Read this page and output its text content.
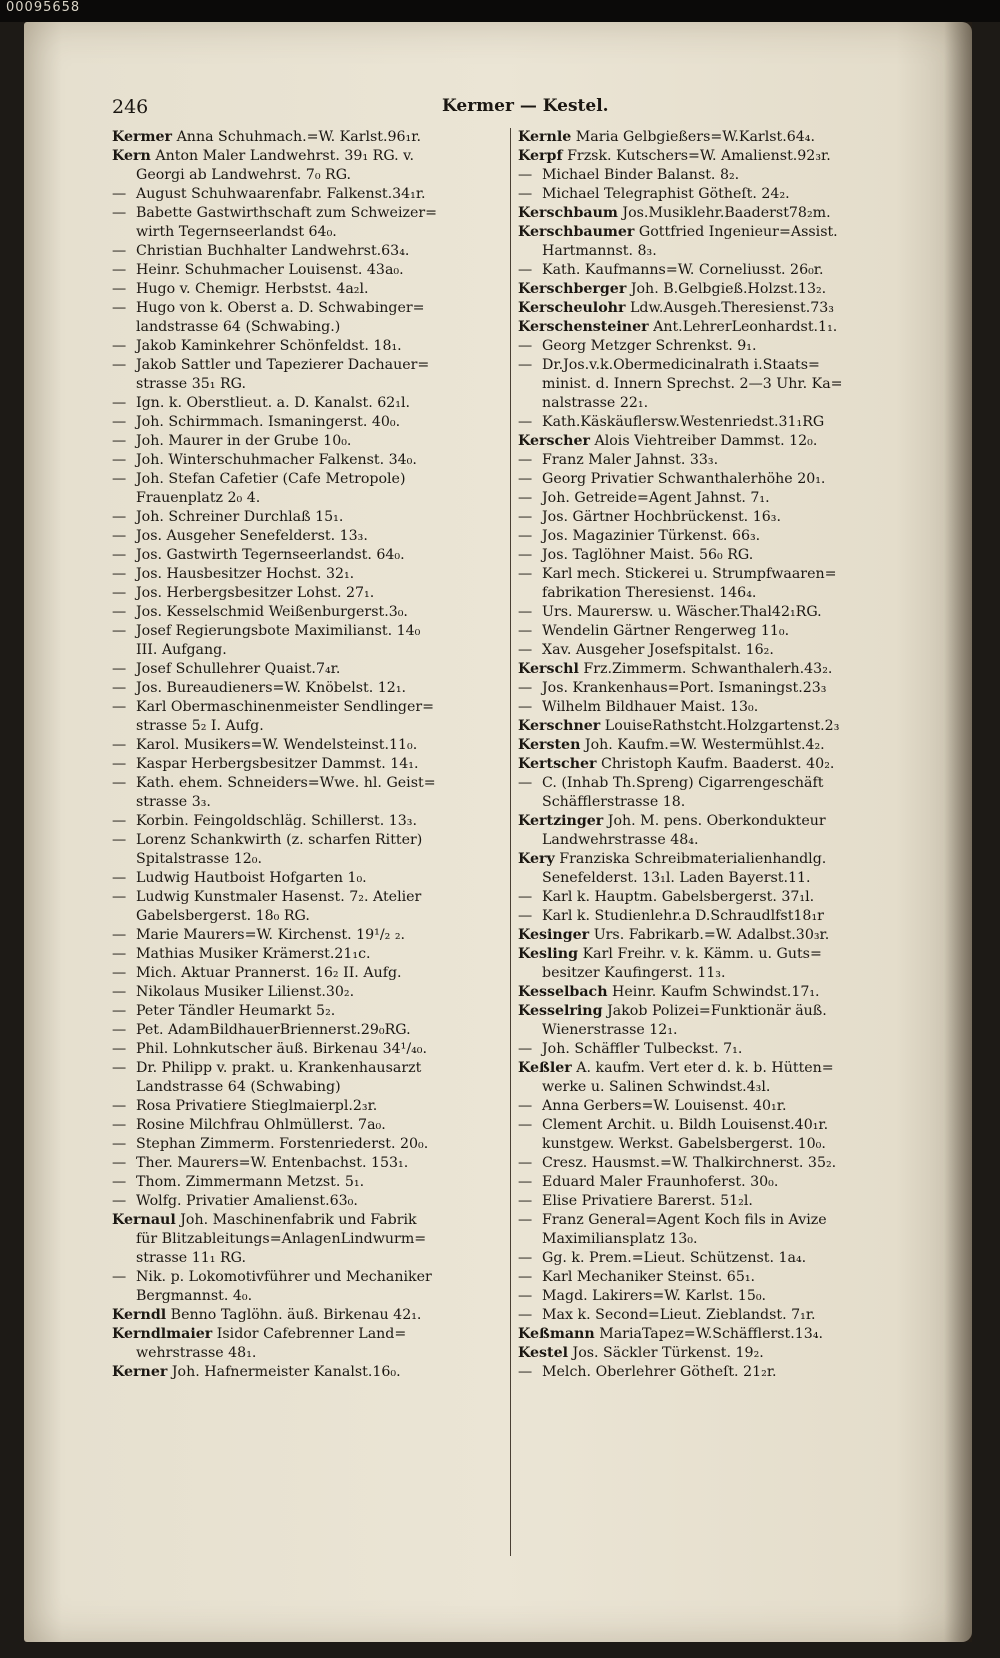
00095658
246	Kermer — Kestel.
Kermer Anna Schuhmach.=W. Karlst.96₁r.
Kern Anton Maler Landwehrst. 39₁ RG. v.
Georgi ab Landwehrst. 7₀ RG.
— August Schuhwaarenfabr. Falkenst.34₁r.
— Babette Gastwirthschaft zum Schweizer=
wirth Tegernseerlandst 64₀.
— Christian Buchhalter Landwehrst.63₄.
— Heinr. Schuhmacher Louisenst. 43a₀.
— Hugo v. Chemigr. Herbstst. 4a₂l.
— Hugo von k. Oberst a. D. Schwabinger=
landstrasse 64 (Schwabing.)
— Jakob Kaminkehrer Schönfeldst. 18₁.
— Jakob Sattler und Tapezierer Dachauer=
strasse 35₁ RG.
— Ign. k. Oberstlieut. a. D. Kanalst. 62₁l.
— Joh. Schirmmach. Ismaningerst. 40₀.
— Joh. Maurer in der Grube 10₀.
— Joh. Winterschuhmacher Falkenst. 34₀.
— Joh. Stefan Cafetier (Cafe Metropole)
Frauenplatz 2₀ 4.
— Joh. Schreiner Durchlaß 15₁.
— Jos. Ausgeher Senefelderst. 13₃.
— Jos. Gastwirth Tegernseerlandst. 64₀.
— Jos. Hausbesitzer Hochst. 32₁.
— Jos. Herbergsbesitzer Lohst. 27₁.
— Jos. Kesselschmid Weißenburgerst.3₀.
— Josef Regierungsbote Maximilianst. 14₀
III. Aufgang.
— Josef Schullehrer Quaist.7₄r.
— Jos. Bureaudieners=W. Knöbelst. 12₁.
— Karl Obermaschinenmeister Sendlinger=
strasse 5₂ I. Aufg.
— Karol. Musikers=W. Wendelsteinst.11₀.
— Kaspar Herbergsbesitzer Dammst. 14₁.
— Kath. ehem. Schneiders=Wwe. hl. Geist=
strasse 3₃.
— Korbin. Feingoldschläg. Schillerst. 13₃.
— Lorenz Schankwirth (z. scharfen Ritter)
Spitalstrasse 12₀.
— Ludwig Hautboist Hofgarten 1₀.
— Ludwig Kunstmaler Hasenst. 7₂. Atelier
Gabelsbergerst. 18₀ RG.
— Marie Maurers=W. Kirchenst. 19¹/₂ ₂.
— Mathias Musiker Krämerst.21₁c.
— Mich. Aktuar Prannerst. 16₂ II. Aufg.
— Nikolaus Musiker Lilienst.30₂.
— Peter Tändler Heumarkt 5₂.
— Pet. AdamBildhauerBriennerst.29₀RG.
— Phil. Lohnkutscher äuß. Birkenau 34¹/₄₀.
— Dr. Philipp v. prakt. u. Krankenhausarzt
Landstrasse 64 (Schwabing)
— Rosa Privatiere Stieglmaierpl.2₃r.
— Rosine Milchfrau Ohlmüllerst. 7a₀.
— Stephan Zimmerm. Forstenriederst. 20₀.
— Ther. Maurers=W. Entenbachst. 153₁.
— Thom. Zimmermann Metzst. 5₁.
— Wolfg. Privatier Amalienst.63₀.
Kernaul Joh. Maschinenfabrik und Fabrik
für Blitzableitungs=AnlagenLindwurm=
strasse 11₁ RG.
— Nik. p. Lokomotivführer und Mechaniker
Bergmannst. 4₀.
Kerndl Benno Taglöhn. äuß. Birkenau 42₁.
Kerndlmaier Isidor Cafebrenner Land=
wehrstrasse 48₁.
Kerner Joh. Hafnermeister Kanalst.16₀.
Kernle Maria Gelbgießers=W.Karlst.64₄.
Kerpf Frzsk. Kutschers=W. Amalienst.92₃r.
— Michael Binder Balanst. 8₂.
— Michael Telegraphist Götheſt. 24₂.
Kerschbaum Jos.Musiklehr.Baaderst78₂m.
Kerschbaumer Gottfried Ingenieur=Assist.
Hartmannst. 8₃.
— Kath. Kaufmanns=W. Corneliusst. 26₀r.
Kerschberger Joh. B.Gelbgieß.Holzst.13₂.
Kerscheulohr Ldw.Ausgeh.Theresienst.73₃
Kerschensteiner Ant.LehrerLeonhardst.1₁.
— Georg Metzger Schrenkst. 9₁.
— Dr.Jos.v.k.Obermedicinalrath i.Staats=
minist. d. Innern Sprechst. 2—3 Uhr. Ka=
nalstrasse 22₁.
— Kath.Käskäuflersw.Westenriedst.31₁RG
Kerscher Alois Viehtreiber Dammst. 12₀.
— Franz Maler Jahnst. 33₃.
— Georg Privatier Schwanthalerhöhe 20₁.
— Joh. Getreide=Agent Jahnst. 7₁.
— Jos. Gärtner Hochbrückenst. 16₃.
— Jos. Magazinier Türkenst. 66₃.
— Jos. Taglöhner Maist. 56₀ RG.
— Karl mech. Stickerei u. Strumpfwaaren=
fabrikation Theresienst. 146₄.
— Urs. Maurersw. u. Wäscher.Thal42₁RG.
— Wendelin Gärtner Rengerweg 11₀.
— Xav. Ausgeher Josefspitalst. 16₂.
Kerschl Frz.Zimmerm. Schwanthalerh.43₂.
— Jos. Krankenhaus=Port. Ismaningst.23₃
— Wilhelm Bildhauer Maist. 13₀.
Kerschner LouiseRathstcht.Holzgartenst.2₃
Kersten Joh. Kaufm.=W. Westermühlst.4₂.
Kertscher Christoph Kaufm. Baaderst. 40₂.
— C. (Inhab Th.Spreng) Cigarrengeschäft
Schäfflerstrasse 18.
Kertzinger Joh. M. pens. Oberkondukteur
Landwehrstrasse 48₄.
Kery Franziska Schreibmaterialienhandlg.
Senefelderst. 13₁l. Laden Bayerst.11.
— Karl k. Hauptm. Gabelsbergerst. 37₁l.
— Karl k. Studienlehr.a D.Schraudlfst18₁r
Kesinger Urs. Fabrikarb.=W. Adalbst.30₃r.
Kesling Karl Freihr. v. k. Kämm. u. Guts=
besitzer Kaufingerst. 11₃.
Kesselbach Heinr. Kaufm Schwindst.17₁.
Kesselring Jakob Polizei=Funktionär äuß.
Wienerstrasse 12₁.
— Joh. Schäffler Tulbeckst. 7₁.
Keßler A. kaufm. Vert eter d. k. b. Hütten=
werke u. Salinen Schwindst.4₃l.
— Anna Gerbers=W. Louisenst. 40₁r.
— Clement Archit. u. Bildh Louisenst.40₁r.
kunstgew. Werkst. Gabelsbergerst. 10₀.
— Cresz. Hausmst.=W. Thalkirchnerst. 35₂.
— Eduard Maler Fraunhoferst. 30₀.
— Elise Privatiere Barerst. 51₂l.
— Franz General=Agent Koch fils in Avize
Maximiliansplatz 13₀.
— Gg. k. Prem.=Lieut. Schützenst. 1a₄.
— Karl Mechaniker Steinst. 65₁.
— Magd. Lakirers=W. Karlst. 15₀.
— Max k. Second=Lieut. Zieblandst. 7₁r.
Keßmann MariaTapez=W.Schäfflerst.13₄.
Kestel Jos. Säckler Türkenst. 19₂.
— Melch. Oberlehrer Götheſt. 21₂r.
